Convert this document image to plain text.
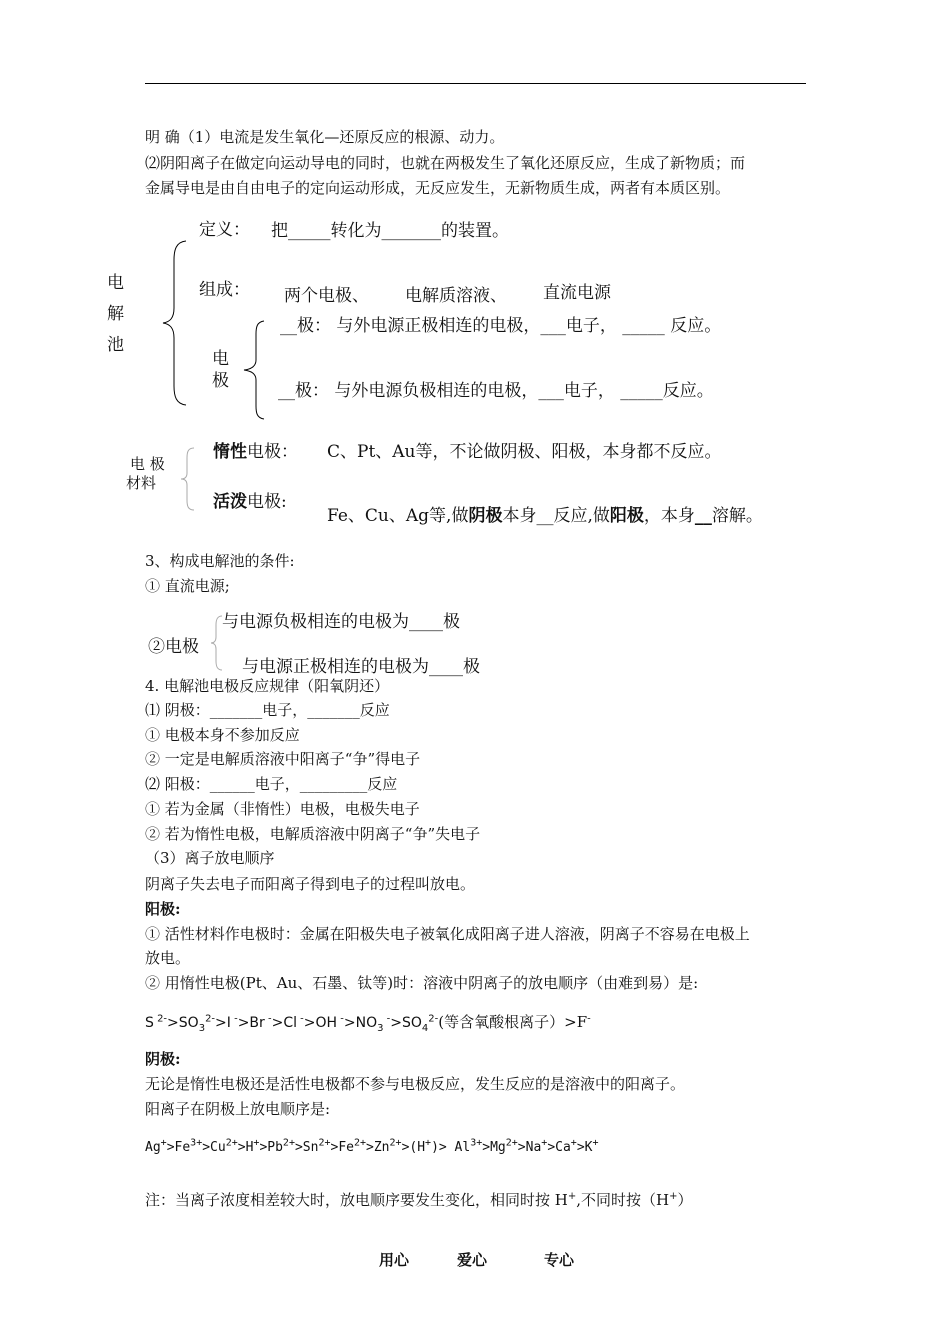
明 确（1）电流是发生氧化—还原反应的根源、动力。
⑵阴阳离子在做定向运动导电的同时，也就在两极发生了氧化还原反应，生成了新物质；而
金属导电是由自由电子的定向运动形成，无反应发生，无新物质生成，两者有本质区别。
电
解
池
定义： 把_____转化为_______的装置。
组成： 两个电极、 电解质溶液、 直流电源
电
极
__极： 与外电源正极相连的电极，___电子， _____ 反应。
__极： 与外电源负极相连的电极，___电子， _____反应。
电 极
材料
惰性电极： C、Pt、Au等，不论做阴极、阳极，本身都不反应。
活泼电极:
Fe、Cu、Ag等,做阴极本身__反应,做阳极，本身__溶解。
3、构成电解池的条件:
① 直流电源;
②电极
与电源负极相连的电极为____极
与电源正极相连的电极为____极
4. 电解池电极反应规律（阳氧阴还）
⑴ 阴极：_______电子，_______反应
① 电极本身不参加反应
② 一定是电解质溶液中阳离子“争”得电子
⑵ 阳极：______电子，_________反应
① 若为金属（非惰性）电极，电极失电子
② 若为惰性电极，电解质溶液中阴离子“争”失电子
（3）离子放电顺序
阴离子失去电子而阳离子得到电子的过程叫放电。
阳极:
① 活性材料作电极时：金属在阳极失电子被氧化成阳离子进人溶液，阴离子不容易在电极上
放电。
② 用惰性电极(Pt、Au、石墨、钛等)时：溶液中阴离子的放电顺序（由难到易）是:
S $^{2-}>SO_3^{2-}>I$ ->Br ->Cl ->OH $^->NO_3$ $^->SO_4^{2-}$(等含氧酸根离子）>F-
阴极:
无论是惰性电极还是活性电极都不参与电极反应，发生反应的是溶液中的阳离子。
阳离子在阴极上放电顺序是:
$Ag^+>Fe^{3+}>Cu^{2+}>H^+>Pb^{2+}>Sn^{2+}>Fe^{2+}>Zn^{2+}>(H^+)> Al^{3+}>Mg^{2+}>Na^+>Ca^+>K^+$
注：当离子浓度相差较大时，放电顺序要发生变化，相同时按 H+,不同时按（H+）
用心	爱心	专心
